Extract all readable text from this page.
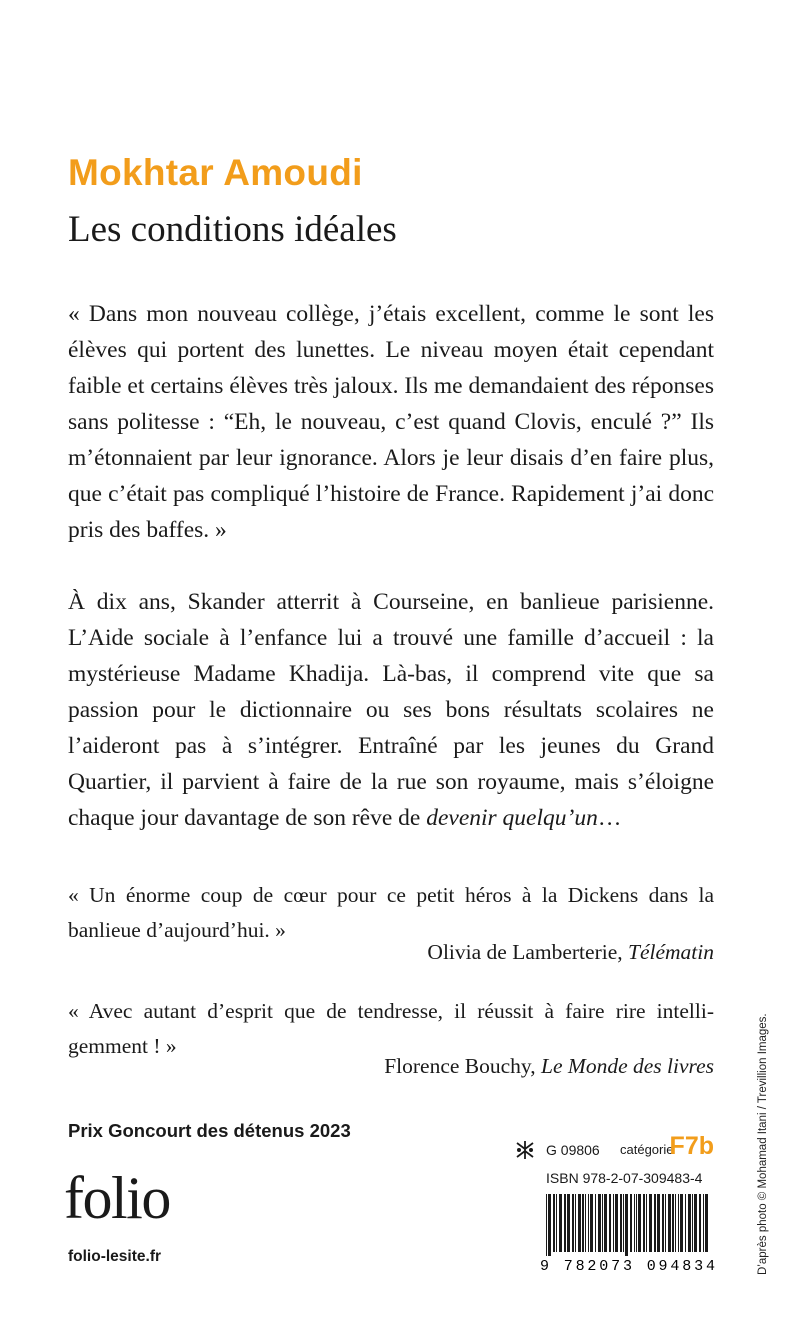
Mokhtar Amoudi
Les conditions idéales

« Dans mon nouveau collège, j’étais excellent, comme le sont les élèves qui portent des lunettes. Le niveau moyen était cependant faible et certains élèves très jaloux. Ils me demandaient des réponses sans politesse : “Eh, le nouveau, c’est quand Clovis, enculé ?” Ils m’étonnaient par leur ignorance. Alors je leur disais d’en faire plus, que c’était pas compliqué l’histoire de France. Rapidement j’ai donc pris des baffes. »

À dix ans, Skander atterrit à Courseine, en banlieue parisienne. L’Aide sociale à l’enfance lui a trouvé une famille d’accueil : la mystérieuse Madame Khadija. Là-bas, il comprend vite que sa passion pour le dictionnaire ou ses bons résultats scolaires ne l’aideront pas à s’intégrer. Entraîné par les jeunes du Grand Quartier, il parvient à faire de la rue son royaume, mais s’éloigne chaque jour davantage de son rêve de devenir quelqu’un…

« Un énorme coup de cœur pour ce petit héros à la Dickens dans la banlieue d’aujourd’hui. »

Olivia de Lamberterie, Télématin

« Avec autant d’esprit que de tendresse, il réussit à faire rire intelligemment ! »

Florence Bouchy, Le Monde des livres
Prix Goncourt des détenus 2023
folio
folio-lesite.fr
G 09806 catégorie
F7b
ISBN 978-2-07-309483-4
9 782073 094834	D’après photo © Mohamad Itani / Trevillion Images.
